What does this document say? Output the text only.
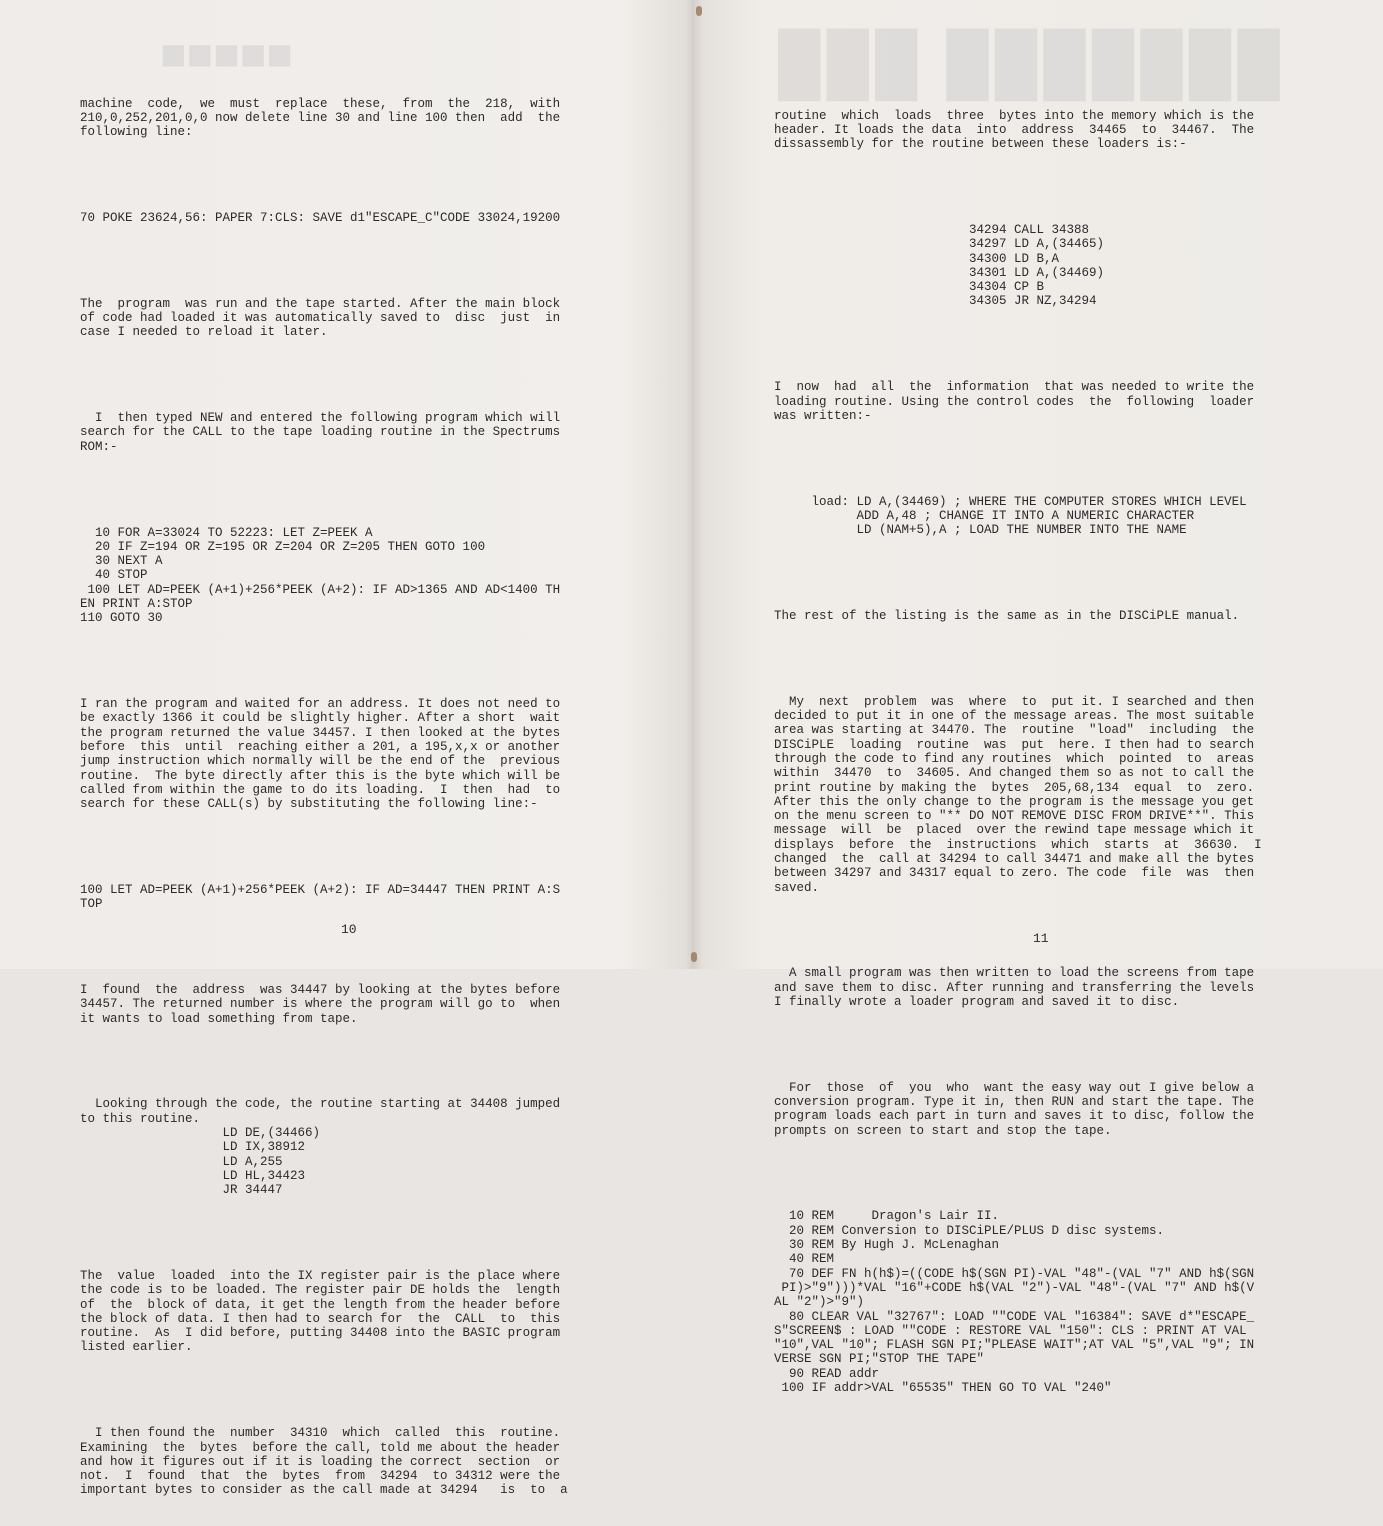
■■■■■	███ ███████

machine  code,  we  must  replace  these,  from  the  218,  with
210,0,252,201,0,0 now delete line 30 and line 100 then  add  the
following line:

70 POKE 23624,56: PAPER 7:CLS: SAVE d1"ESCAPE_C"CODE 33024,19200

The  program  was run and the tape started. After the main block
of code had loaded it was automatically saved to  disc  just  in
case I needed to reload it later.

I  then typed NEW and entered the following program which will
search for the CALL to the tape loading routine in the Spectrums
ROM:-

10 FOR A=33024 TO 52223: LET Z=PEEK A
20 IF Z=194 OR Z=195 OR Z=204 OR Z=205 THEN GOTO 100
30 NEXT A
40 STOP
100 LET AD=PEEK (A+1)+256*PEEK (A+2): IF AD>1365 AND AD<1400 TH
EN PRINT A:STOP
110 GOTO 30

I ran the program and waited for an address. It does not need to
be exactly 1366 it could be slightly higher. After a short  wait
the program returned the value 34457. I then looked at the bytes
before  this  until  reaching either a 201, a 195,x,x or another
jump instruction which normally will be the end of the  previous
routine.  The byte directly after this is the byte which will be
called from within the game to do its loading.  I  then  had  to
search for these CALL(s) by substituting the following line:-

100 LET AD=PEEK (A+1)+256*PEEK (A+2): IF AD=34447 THEN PRINT A:S
TOP

I  found  the  address  was 34447 by looking at the bytes before
34457. The returned number is where the program will go to  when
it wants to load something from tape.

Looking through the code, the routine starting at 34408 jumped
to this routine.
LD DE,(34466)
LD IX,38912
LD A,255
LD HL,34423
JR 34447

The  value  loaded  into the IX register pair is the place where
the code is to be loaded. The register pair DE holds the  length
of  the  block of data, it get the length from the header before
the block of data. I then had to search for  the  CALL  to  this
routine.  As  I did before, putting 34408 into the BASIC program
listed earlier.

I then found the  number  34310  which  called  this  routine.
Examining  the  bytes  before the call, told me about the header
and how it figures out if it is loading the correct  section  or
not.  I  found  that  the  bytes  from  34294  to 34312 were the
important bytes to consider as the call made at 34294   is  to  a

10

routine  which  loads  three  bytes into the memory which is the
header. It loads the data  into  address  34465  to  34467.  The
dissassembly for the routine between these loaders is:-

34294 CALL 34388
34297 LD A,(34465)
34300 LD B,A
34301 LD A,(34469)
34304 CP B
34305 JR NZ,34294

I  now  had  all  the  information  that was needed to write the
loading routine. Using the control codes  the  following  loader
was written:-

load: LD A,(34469) ; WHERE THE COMPUTER STORES WHICH LEVEL
ADD A,48 ; CHANGE IT INTO A NUMERIC CHARACTER
LD (NAM+5),A ; LOAD THE NUMBER INTO THE NAME

The rest of the listing is the same as in the DISCiPLE manual.

My  next  problem  was  where  to  put it. I searched and then
decided to put it in one of the message areas. The most suitable
area was starting at 34470. The  routine  "load"  including  the
DISCiPLE  loading  routine  was  put  here. I then had to search
through the code to find any routines  which  pointed  to  areas
within  34470  to  34605. And changed them so as not to call the
print routine by making the  bytes  205,68,134  equal  to  zero.
After this the only change to the program is the message you get
on the menu screen to "** DO NOT REMOVE DISC FROM DRIVE**". This
message  will  be  placed  over the rewind tape message which it
displays  before  the  instructions  which  starts  at  36630.  I
changed  the  call at 34294 to call 34471 and make all the bytes
between 34297 and 34317 equal to zero. The code  file  was  then
saved.

A small program was then written to load the screens from tape
and save them to disc. After running and transferring the levels
I finally wrote a loader program and saved it to disc.

For  those  of  you  who  want the easy way out I give below a
conversion program. Type it in, then RUN and start the tape. The
program loads each part in turn and saves it to disc, follow the
prompts on screen to start and stop the tape.

10 REM     Dragon's Lair II.
20 REM Conversion to DISCiPLE/PLUS D disc systems.
30 REM By Hugh J. McLenaghan
40 REM
70 DEF FN h(h$)=((CODE h$(SGN PI)-VAL "48"-(VAL "7" AND h$(SGN
PI)>"9")))*VAL "16"+CODE h$(VAL "2")-VAL "48"-(VAL "7" AND h$(V
AL "2")>"9")
80 CLEAR VAL "32767": LOAD ""CODE VAL "16384": SAVE d*"ESCAPE_
S"SCREEN$ : LOAD ""CODE : RESTORE VAL "150": CLS : PRINT AT VAL
"10",VAL "10"; FLASH SGN PI;"PLEASE WAIT";AT VAL "5",VAL "9"; IN
VERSE SGN PI;"STOP THE TAPE"
90 READ addr
100 IF addr>VAL "65535" THEN GO TO VAL "240"

11
